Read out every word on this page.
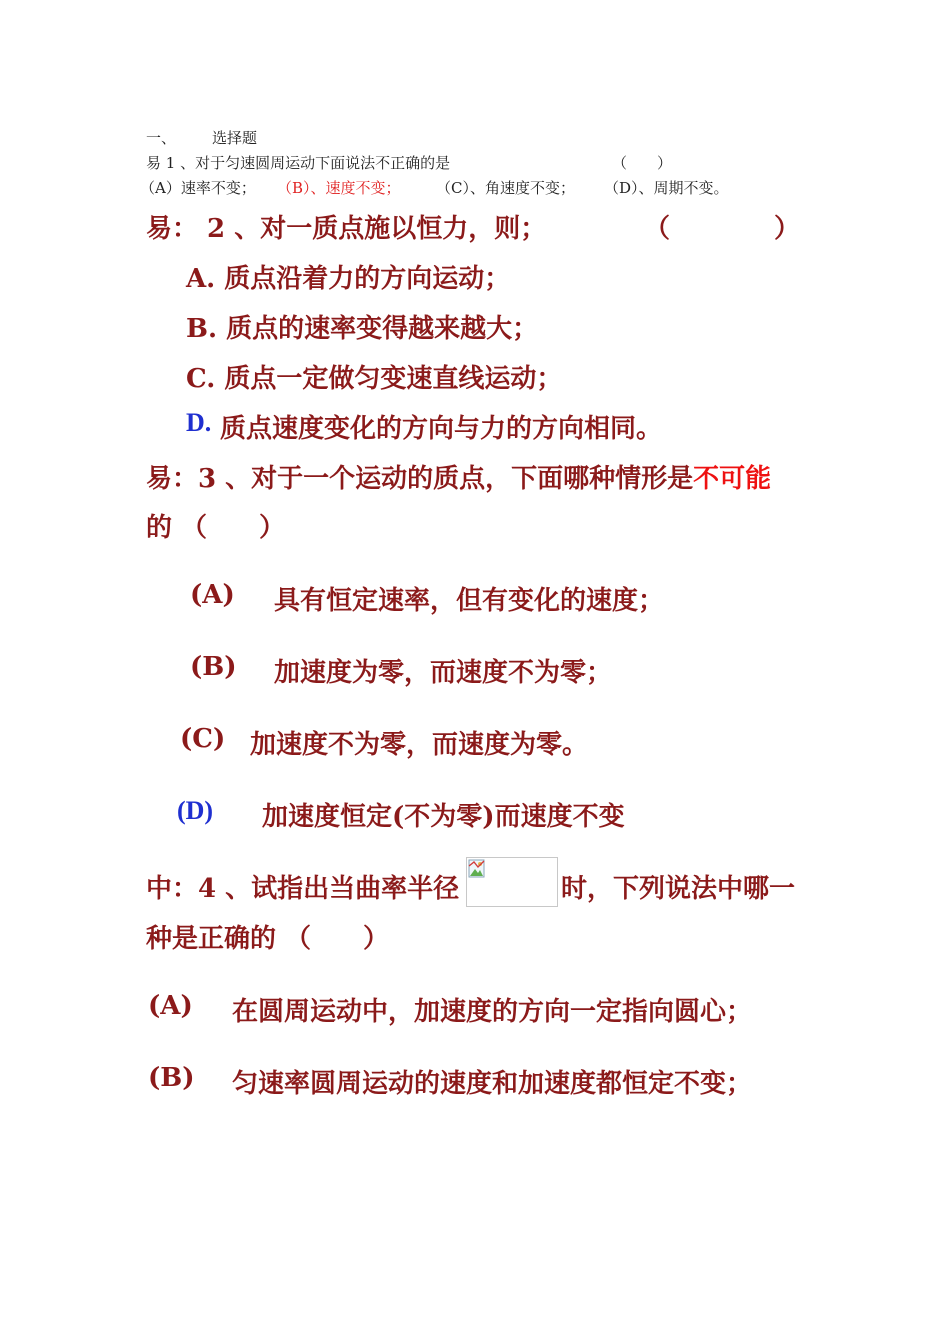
一、 选择题
易 1 、对于匀速圆周运动下面说法不正确的是	（　　）
（A）速率不变； （B）、速度不变； （C）、角速度不变； （D）、周期不变。
易： 2 、对一质点施以恒力，则；	（	）
A. 质点沿着力的方向运动；
B. 质点的速率变得越来越大；
C. 质点一定做匀变速直线运动；
D. 质点速度变化的方向与力的方向相同。
易：3 、对于一个运动的质点，下面哪种情形是不可能
的 （　　）
(A) 具有恒定速率，但有变化的速度；
(B) 加速度为零，而速度不为零；
(C) 加速度不为零，而速度为零。
(D) 加速度恒定(不为零)而速度不变
中：4 、试指出当曲率半径	时，下列说法中哪一
种是正确的 （　　）
(A) 在圆周运动中，加速度的方向一定指向圆心；
(B) 匀速率圆周运动的速度和加速度都恒定不变；
